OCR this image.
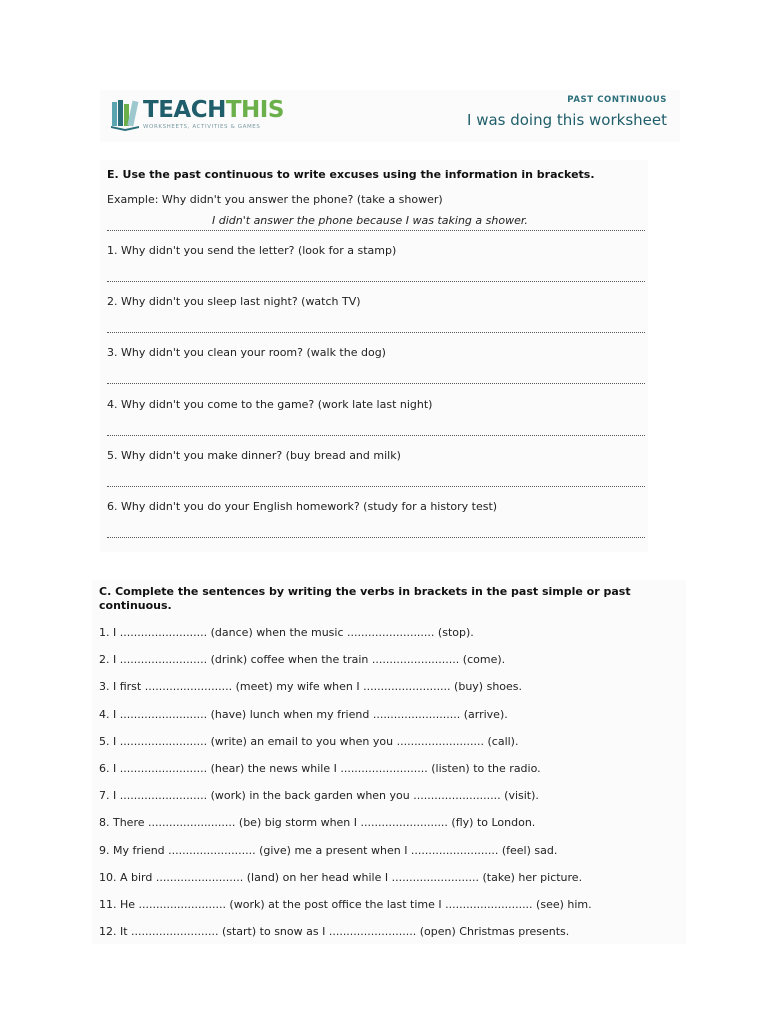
TEACHTHIS
WORKSHEETS, ACTIVITIES & GAMES
PAST CONTINUOUS
I was doing this worksheet
E. Use the past continuous to write excuses using the information in brackets.
Example: Why didn't you answer the phone? (take a shower)
I didn't answer the phone because I was taking a shower.
1. Why didn't you send the letter? (look for a stamp)
2. Why didn't you sleep last night? (watch TV)
3. Why didn't you clean your room? (walk the dog)
4. Why didn't you come to the game? (work late last night)
5. Why didn't you make dinner? (buy bread and milk)
6. Why didn't you do your English homework? (study for a history test)
C. Complete the sentences by writing the verbs in brackets in the past simple or past
continuous.
1. I ......................... (dance) when the music ......................... (stop).
2. I ......................... (drink) coffee when the train ......................... (come).
3. I first ......................... (meet) my wife when I ......................... (buy) shoes.
4. I ......................... (have) lunch when my friend ......................... (arrive).
5. I ......................... (write) an email to you when you ......................... (call).
6. I ......................... (hear) the news while I ......................... (listen) to the radio.
7. I ......................... (work) in the back garden when you ......................... (visit).
8. There ......................... (be) big storm when I ......................... (fly) to London.
9. My friend ......................... (give) me a present when I ......................... (feel) sad.
10. A bird ......................... (land) on her head while I ......................... (take) her picture.
11. He ......................... (work) at the post office the last time I ......................... (see) him.
12. It ......................... (start) to snow as I ......................... (open) Christmas presents.
